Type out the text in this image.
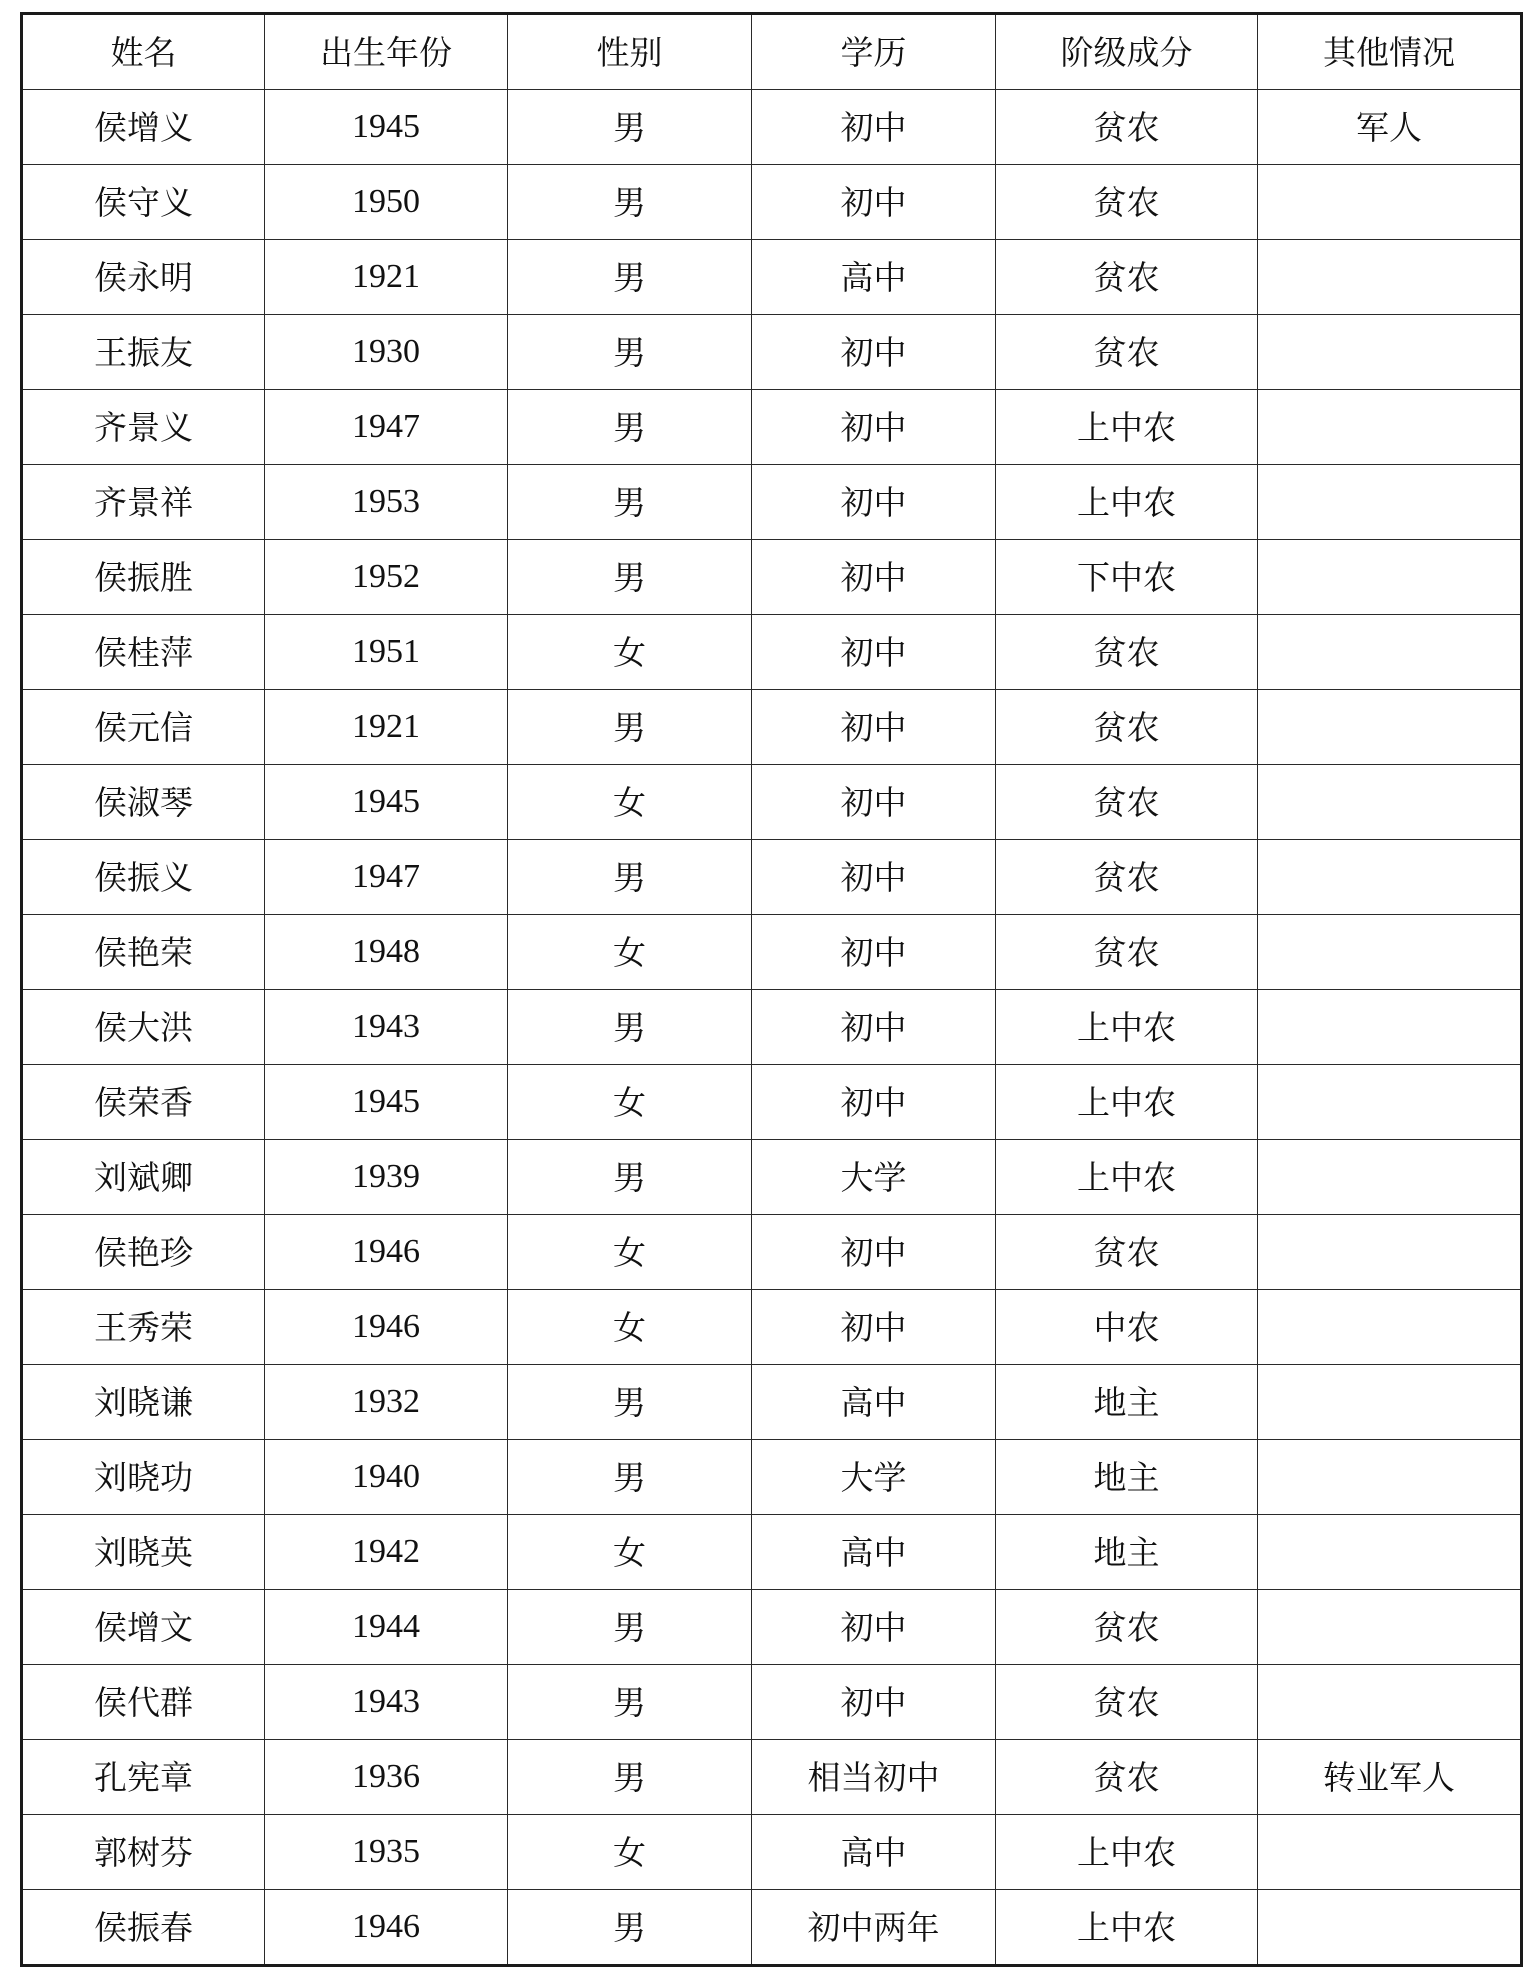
姓名	出生年份	性别	学历	阶级成分	其他情况
侯增义	1945	男	初中	贫农	军人
侯守义	1950	男	初中	贫农	
侯永明	1921	男	高中	贫农	
王振友	1930	男	初中	贫农	
齐景义	1947	男	初中	上中农	
齐景祥	1953	男	初中	上中农	
侯振胜	1952	男	初中	下中农	
侯桂萍	1951	女	初中	贫农	
侯元信	1921	男	初中	贫农	
侯淑琴	1945	女	初中	贫农	
侯振义	1947	男	初中	贫农	
侯艳荣	1948	女	初中	贫农	
侯大洪	1943	男	初中	上中农	
侯荣香	1945	女	初中	上中农	
刘斌卿	1939	男	大学	上中农	
侯艳珍	1946	女	初中	贫农	
王秀荣	1946	女	初中	中农	
刘晓谦	1932	男	高中	地主	
刘晓功	1940	男	大学	地主	
刘晓英	1942	女	高中	地主	
侯增文	1944	男	初中	贫农	
侯代群	1943	男	初中	贫农	
孔宪章	1936	男	相当初中	贫农	转业军人
郭树芬	1935	女	高中	上中农	
侯振春	1946	男	初中两年	上中农	
